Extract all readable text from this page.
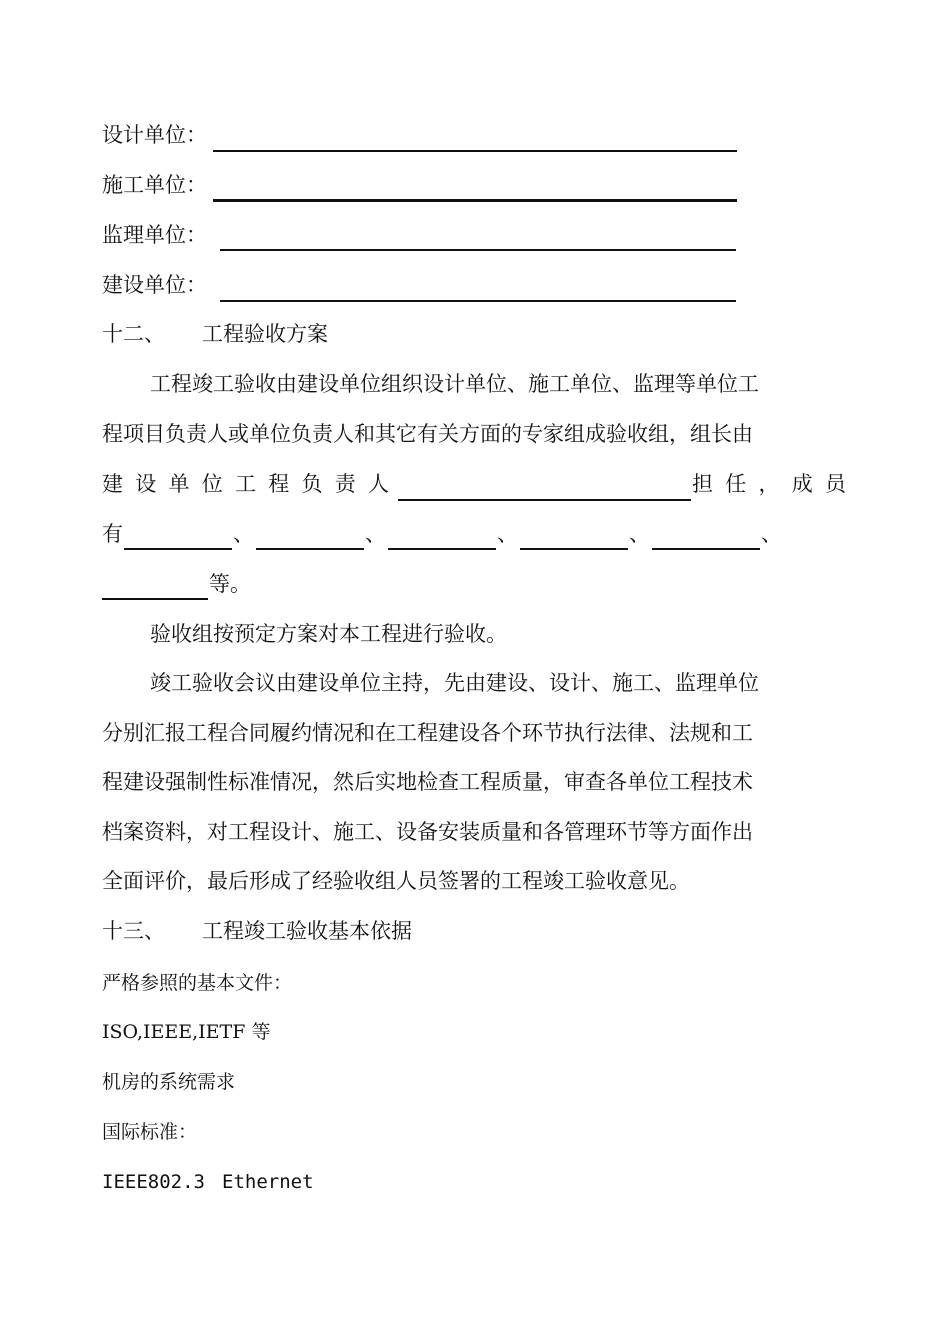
设计单位：
施工单位：
监理单位：
建设单位：
十二、 工程验收方案
工程竣工验收由建设单位组织设计单位、施工单位、监理等单位工
程项目负责人或单位负责人和其它有关方面的专家组成验收组，组长由
建 设 单 位 工 程 负 责 人	担 任 ， 成 员
有	、	、	、	、	、
等。
验收组按预定方案对本工程进行验收。
竣工验收会议由建设单位主持，先由建设、设计、施工、监理单位
分别汇报工程合同履约情况和在工程建设各个环节执行法律、法规和工
程建设强制性标准情况，然后实地检查工程质量，审查各单位工程技术
档案资料，对工程设计、施工、设备安装质量和各管理环节等方面作出
全面评价，最后形成了经验收组人员签署的工程竣工验收意见。
十三、 工程竣工验收基本依据
严格参照的基本文件：
ISO,IEEE,IETF 等
机房的系统需求
国际标准：
IEEE802.3 Ethernet
